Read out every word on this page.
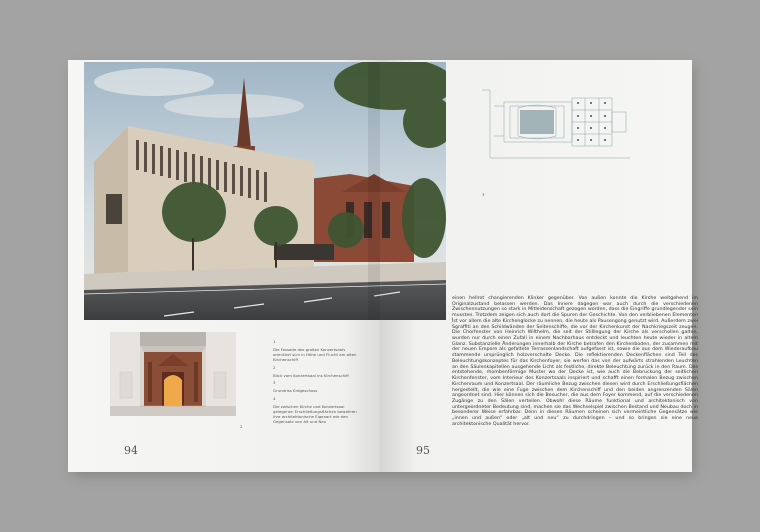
2

1

Die Fassade des großen Konzertsaals orientiert sich in Höhe und Flucht am alten Kirchenschiff

2

Blick vom Konzertsaal ins Kirchenschiff

3

Grundriss Erdgeschoss

4

Die zwischen Kirche und Konzertsaal gelegenen Erschließungsflächen bewahren ihre architektonische Eigenart wie den Gegensatz von Alt und Neu

94	95
3
1

einen hellrot changierenden Klinker gegenüber. Von außen konnte die Kirche weitgehend im Originalzustand belassen werden. Das Innere dagegen war auch durch die verschiedenen Zwischennutzungen so stark in Mitleidenschaft gezogen worden, dass die Eingriffe grundlegender sein mussten. Trotzdem zeigen sich auch dort die Spuren der Geschichte. Von den verbliebenen Elementen ist vor allem die alte Kirchenglocke zu nennen, die heute als Pausengong genutzt wird. Außerdem zwei Sgraffiti an den Schildwänden der Seitenschiffe, die vor der Kirchenkunst der Nachkriegszeit zeugen. Die Chorfenster von Heinrich Wilthelm, die seit der Stilllegung der Kirche als verschollen galten, wurden nur durch einen Zufall in einem Nachbarhaus entdeckt und leuchten heute wieder in altem Glanz. Substanzielle Änderungen innerhalb der Kirche betrafen den Kirchenboden, der zusammen mit der neuen Empore als gefaltete Terrassenlandschaft aufgefasst ist, sowie die aus dem Wiederaufbau stammende ursprünglich holzverschalte Decke. Die reflektierenden Deckenflächen sind Teil des Beleuchtungskonzeptes für das Kirchenfoyer, sie werfen das von der aufwärts strahlenden Leuchten an den Säulenkapitellen ausgehende Licht als festliche, direkte Beleuchtung zurück in den Raum. Des entstehende, rhombenförmige Muster wo der Decke ist, wie auch die Bebruckung der seitlichen Kirchenfenster, vom Interieur des Konzertsaals inspiriert und schafft einen formalen Bezug zwischen Kirchenraum und Konzertsaal. Der räumliche Bezug zwischen diesen wird durch Erschließungsflächen hergestellt, die wie eine Fuge zwischen dem Kirchenschiff und den beiden angrenzenden Sälen angeordnet sind. Hier können sich die Besucher, die aus dem Foyer kommend, auf die verschiedenen Zugänge zu den Sälen verteilen. Obwohl diese Räume funktional und architektonisch von untergeordneter Bedeutung sind, machen sie das Wechselspiel zwischen Bestand und Neubau doch in besonderer Weise erfahrbar. Denn in diesen Räumen scheinen sich vermeintliche Gegensätze wie „innen und außen“ oder „alt und neu“ zu durchdringen – und so bringen sie eine neue architektonische Qualität hervor.
